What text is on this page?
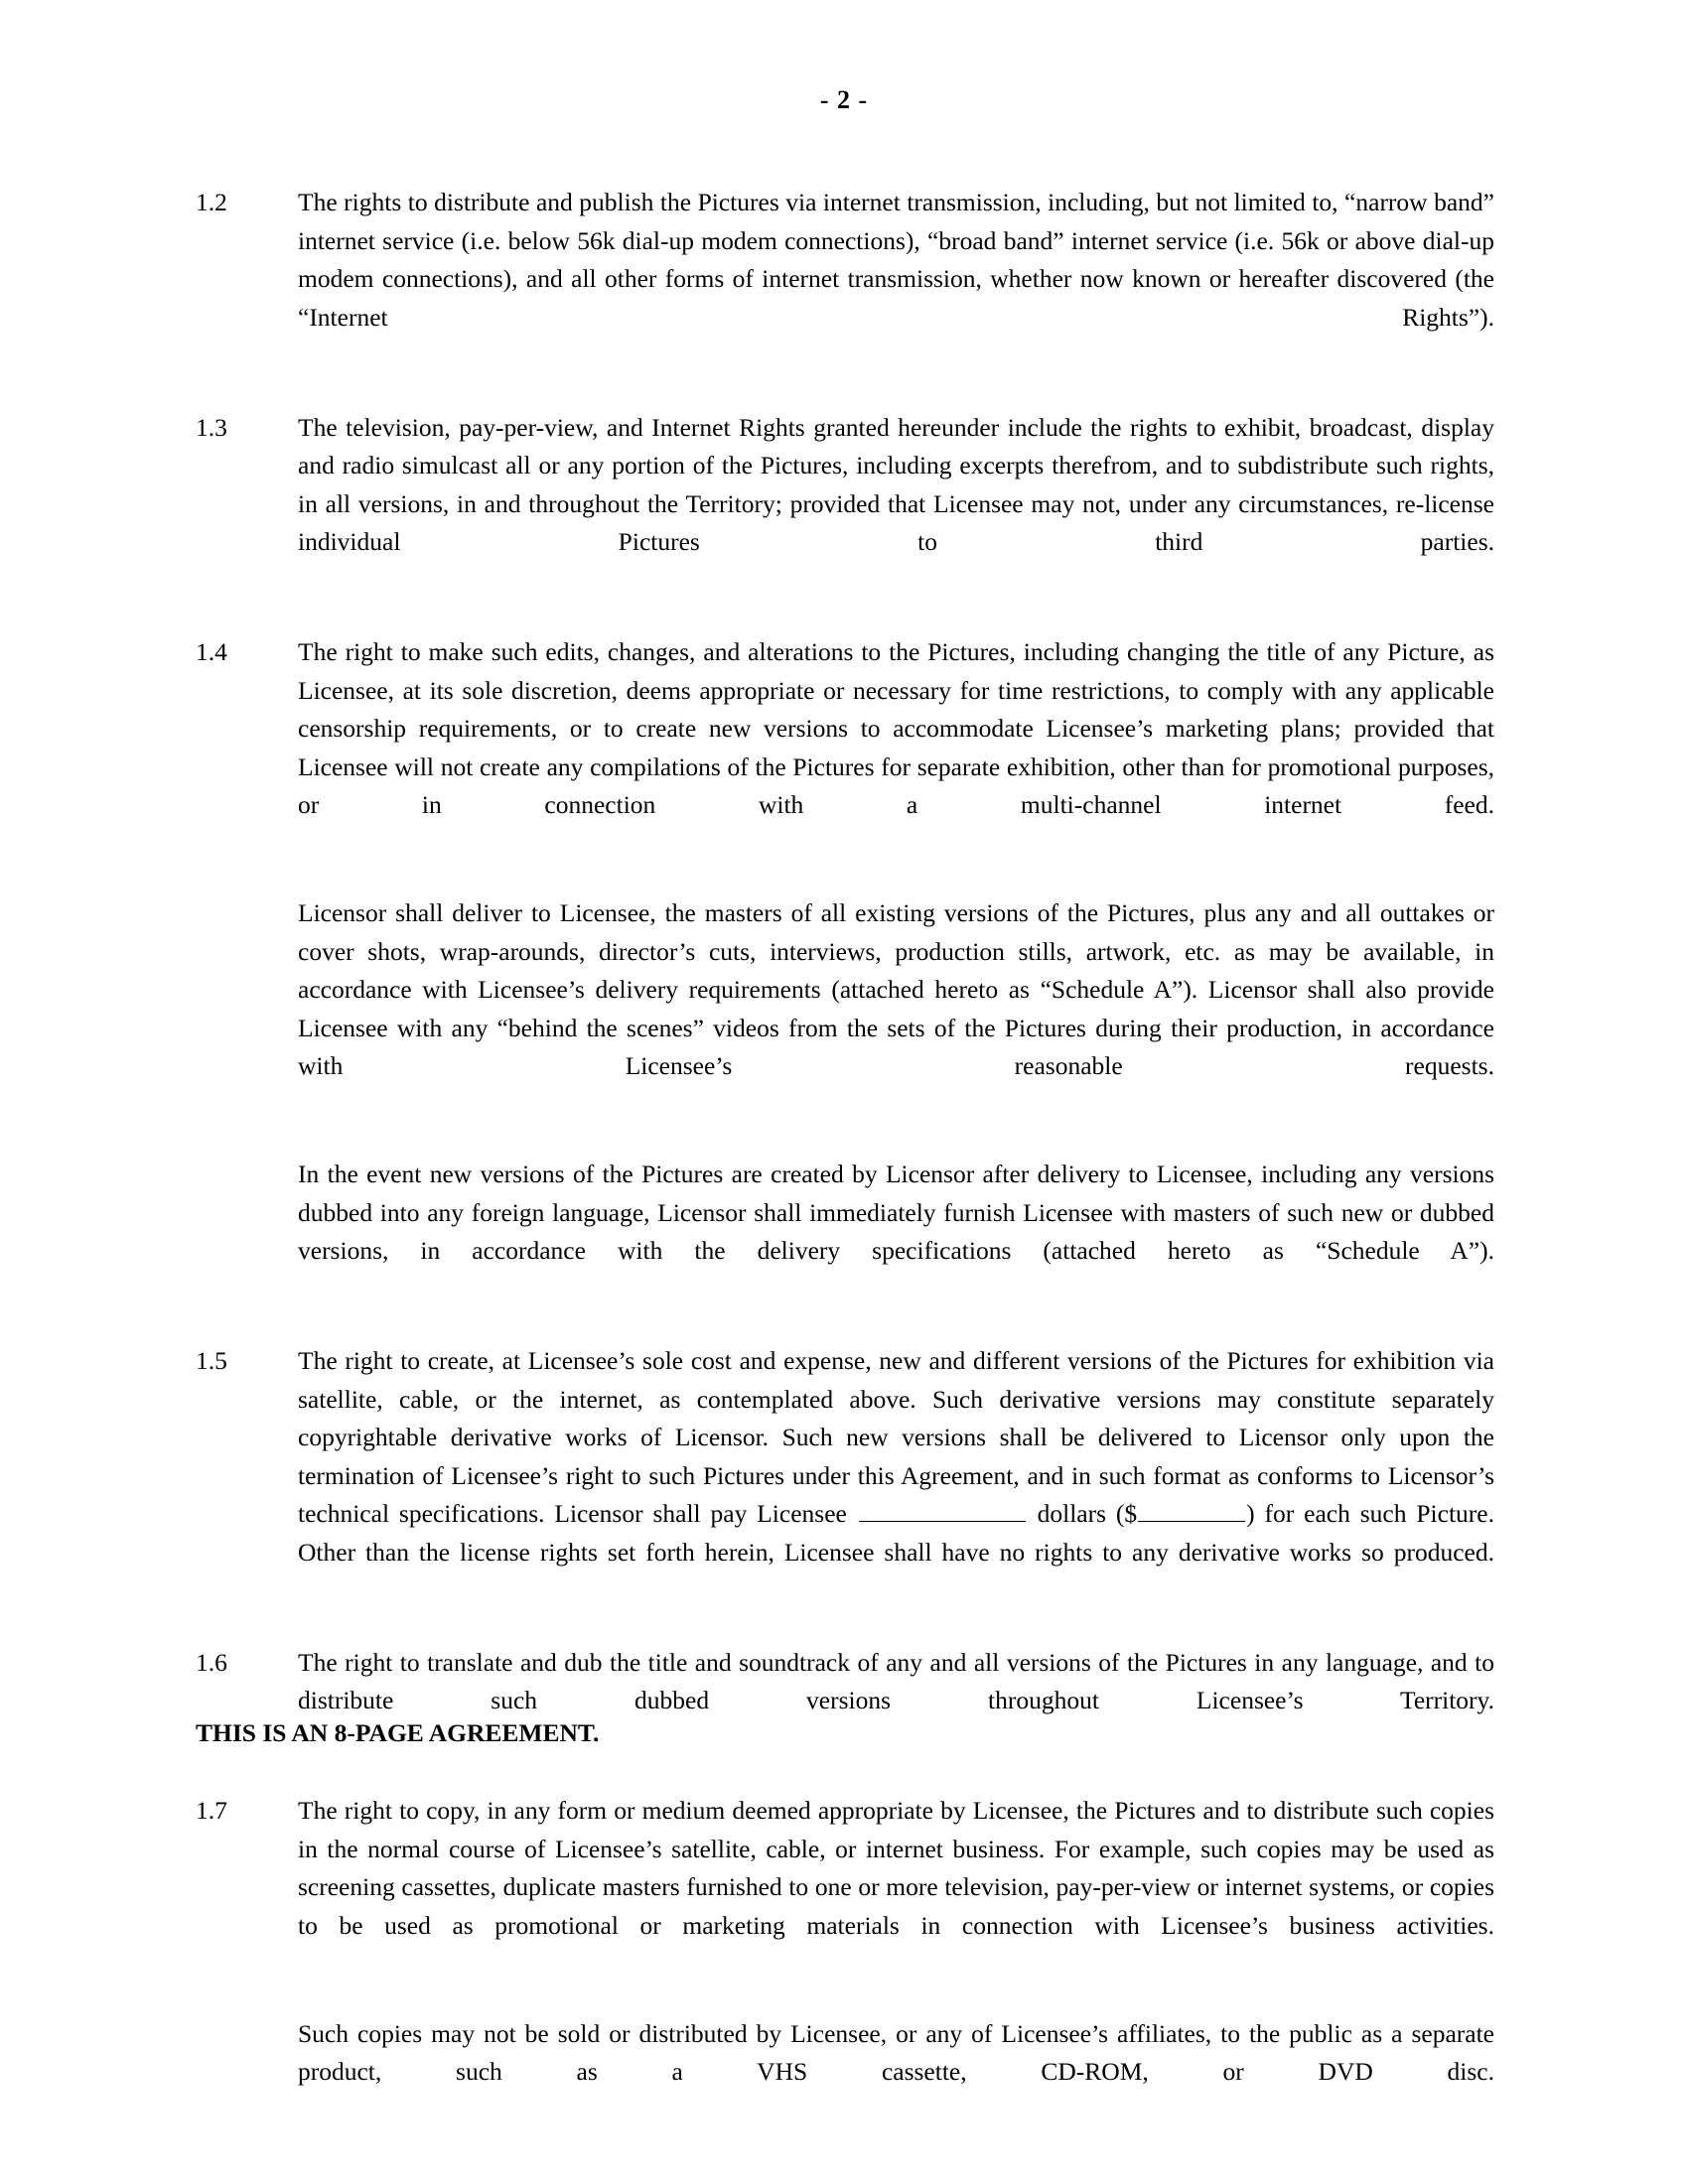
- 2 -
1.2	The rights to distribute and publish the Pictures via internet transmission, including, but not limited to, “narrow band” internet service (i.e. below 56k dial-up modem connections), “broad band” internet service (i.e. 56k or above dial-up modem connections), and all other forms of internet transmission, whether now known or hereafter discovered (the “Internet Rights”).

1.3	The television, pay-per-view, and Internet Rights granted hereunder include the rights to exhibit, broadcast, display and radio simulcast all or any portion of the Pictures, including excerpts therefrom, and to subdistribute such rights, in all versions, in and throughout the Territory; provided that Licensee may not, under any circumstances, re-license individual Pictures to third parties.

1.4	The right to make such edits, changes, and alterations to the Pictures, including changing the title of any Picture, as Licensee, at its sole discretion, deems appropriate or necessary for time restrictions, to comply with any applicable censorship requirements, or to create new versions to accommodate Licensee’s marketing plans; provided that Licensee will not create any compilations of the Pictures for separate exhibition, other than for promotional purposes, or in connection with a multi-channel internet feed.

Licensor shall deliver to Licensee, the masters of all existing versions of the Pictures, plus any and all outtakes or cover shots, wrap-arounds, director’s cuts, interviews, production stills, artwork, etc. as may be available, in accordance with Licensee’s delivery requirements (attached hereto as “Schedule A”). Licensor shall also provide Licensee with any “behind the scenes” videos from the sets of the Pictures during their production, in accordance with Licensee’s reasonable requests.

In the event new versions of the Pictures are created by Licensor after delivery to Licensee, including any versions dubbed into any foreign language, Licensor shall immediately furnish Licensee with masters of such new or dubbed versions, in accordance with the delivery specifications (attached hereto as “Schedule A”).

1.5	The right to create, at Licensee’s sole cost and expense, new and different versions of the Pictures for exhibition via satellite, cable, or the internet, as contemplated above. Such derivative versions may constitute separately copyrightable derivative works of Licensor. Such new versions shall be delivered to Licensor only upon the termination of Licensee’s right to such Pictures under this Agreement, and in such format as conforms to Licensor’s technical specifications. Licensor shall pay Licensee	dollars ($	) for each such Picture. Other than the license rights set forth herein, Licensee shall have no rights to any derivative works so produced.

1.6	The right to translate and dub the title and soundtrack of any and all versions of the Pictures in any language, and to distribute such dubbed versions throughout Licensee’s Territory.

1.7	The right to copy, in any form or medium deemed appropriate by Licensee, the Pictures and to distribute such copies in the normal course of Licensee’s satellite, cable, or internet business. For example, such copies may be used as screening cassettes, duplicate masters furnished to one or more television, pay-per-view or internet systems, or copies to be used as promotional or marketing materials in connection with Licensee’s business activities.

Such copies may not be sold or distributed by Licensee, or any of Licensee’s affiliates, to the public as a separate product, such as a VHS cassette, CD-ROM, or DVD disc.

THIS IS AN 8-PAGE AGREEMENT.
